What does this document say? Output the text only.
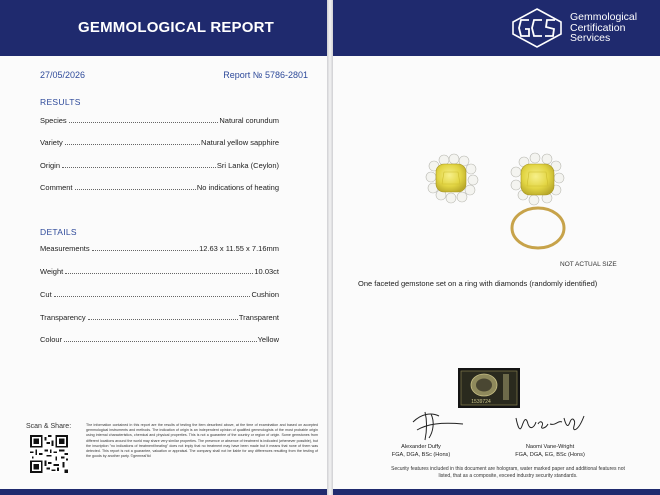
GEMMOLOGICAL REPORT
Gemmological
Certification
Services
27/05/2026	Report № 5786-2801
RESULTS
Species	Natural corundum
Variety	Natural yellow sapphire
Origin	Sri Lanka (Ceylon)
Comment	No indications of heating
DETAILS
Measurements	12.63 x 11.55 x 7.16mm
Weight	10.03ct
Cut	Cushion
Transparency	Transparent
Colour	Yellow
Scan & Share:	The information contained in this report are the results of testing the item described above, at the time of examination and based on accepted gemmological instruments and methods. The indication of origin is an independent opinion of qualified gemmologists of the most probable origin using internal characteristics, chemical and physical properties. This is not a guarantee of the country or region of origin. Some gemstones from different locations around the world may share very similar properties. The presence or absence of treatment is indicated (whenever possible), but the inscription "no indications of treatment/heating" does not imply that no treatment may have been made but it means that none of them was detected. This report is not a guarantee, valuation or appraisal. The company shall not be liable for any differences resulting from the testing of the goods by another party. ©gemreal'ltd
NOT ACTUAL SIZE
One faceted gemstone set on a ring with diamonds (randomly identified)
1539724
Alexander Duffy
FGA, DGA, BSc (Hons)
Naomi Vane-Wright
FGA, DGA, EG, BSc (Hons)
Security features included in this document are hologram, water marked paper and additional features not listed, that as a composite, exceed industry security standards.
